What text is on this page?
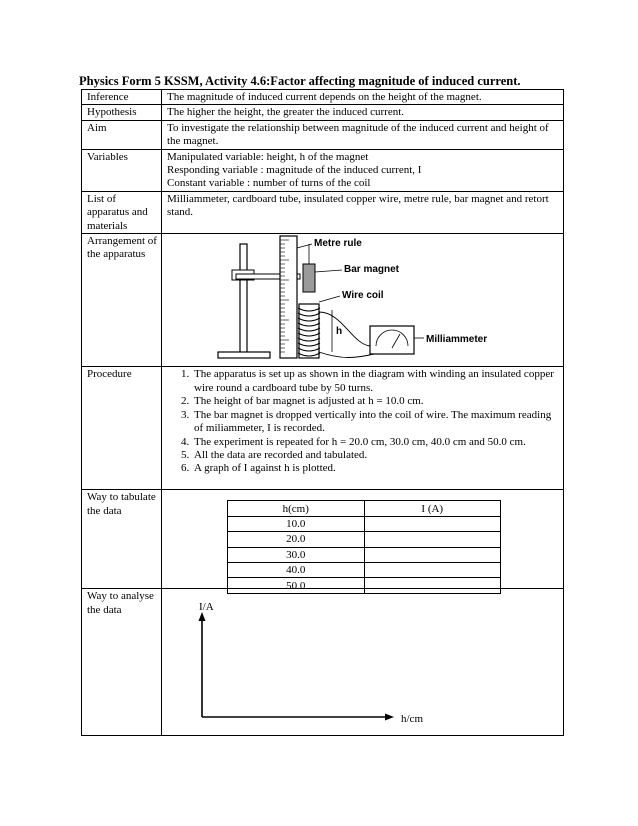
Physics Form 5 KSSM, Activity 4.6:Factor affecting magnitude of induced current.
Inference	The magnitude of induced current depends on the height of the magnet.
Hypothesis	The higher the height, the greater the induced current.
Aim	To investigate the relationship between magnitude of the induced current and height of the magnet.
Variables	Manipulated variable: height, h of the magnet
Responding variable : magnitude of the induced current, I
Constant variable : number of turns of the coil

List of apparatus and materials	Milliammeter, cardboard tube, insulated copper wire, metre rule, bar magnet and retort stand.
Arrangement of the apparatus	
h
Metre rule
Bar magnet
Wire coil
Milliammeter

Procedure	
1.The apparatus is set up as shown in the diagram with winding an insulated copper wire round a cardboard tube by 50 turns.
2. The height of bar magnet is adjusted at h = 10.0 cm.
3. The bar magnet is dropped vertically into the coil of wire. The maximum reading of miliammeter, I is recorded.
4. The experiment is repeated for h = 20.0 cm, 30.0 cm, 40.0 cm and 50.0 cm.
5. All the data are recorded and tabulated.
6. A graph of I against h is plotted.

Way to tabulate the data		h(cm)	I (A)
10.0	
20.0	
30.0	
40.0	
50.0	

Way to analyse the data	I/A
h/cm
